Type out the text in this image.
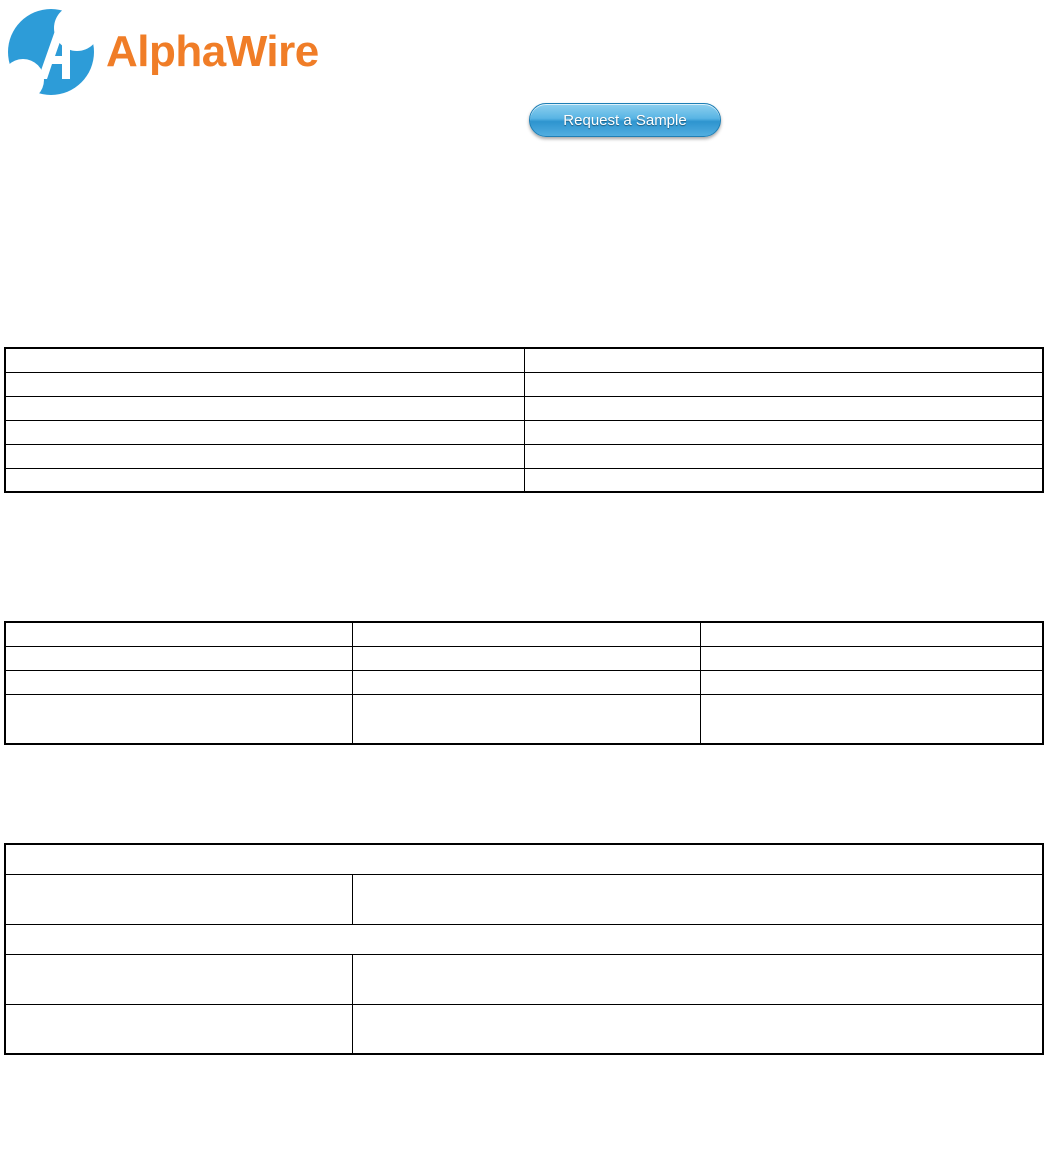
AlphaWire
Request a Sample
